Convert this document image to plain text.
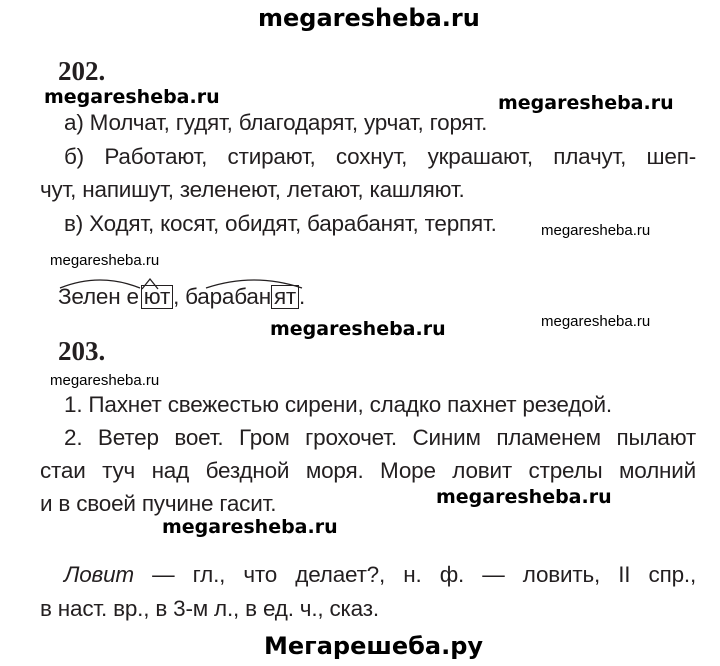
megaresheba.ru
202.
megaresheba.ru	megaresheba.ru
а) Молчат, гудят, благодарят, урчат, горят.
б) Работают, стирают, сохнут, украшают, плачут, шеп-
чут, напишут, зеленеют, летают, кашляют.
в) Ходят, косят, обидят, барабанят, терпят.	megaresheba.ru
megaresheba.ru
Зелен е ют , барабан ят .
megaresheba.ru	megaresheba.ru
203.
megaresheba.ru
1. Пахнет свежестью сирени, сладко пахнет резедой.
2. Ветер воет. Гром грохочет. Синим пламенем пылают
стаи туч над бездной моря. Море ловит стрелы молний
и в своей пучине гасит.	megaresheba.ru
megaresheba.ru
Ловит — гл., что делает?, н. ф. — ловить, II спр.,
в наст. вр., в 3-м л., в ед. ч., сказ.
Мегарешеба.ру
